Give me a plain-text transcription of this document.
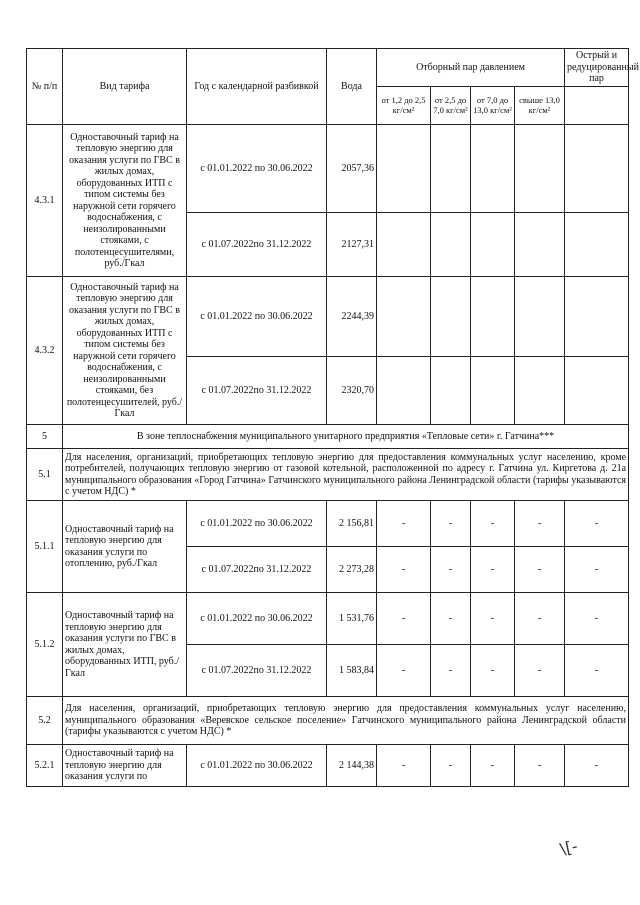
№ п/п	Вид тарифа	Год с календарной разбивкой	Вода	Отборный пар давлением				Острый и редуцированный пар
				от 1,2 до 2,5 кг/см²	от 2,5 до 7,0 кг/см²	от 7,0 до 13,0 кг/см²	свыше 13,0 кг/см²	
4.3.1	Одноставочный тариф на тепловую энергию для оказания услуги по ГВС в жилых домах, оборудованных ИТП с типом системы без наружной сети горячего водоснабжения, с неизолированными стояками, с полотенцесушителями, руб./Гкал	с 01.01.2022 по 30.06.2022	2057,36					
		с 01.07.2022по 31.12.2022	2127,31					
4.3.2	Одноставочный тариф на тепловую энергию для оказания услуги по ГВС в жилых домах, оборудованных ИТП с типом системы без наружной сети горячего водоснабжения, с неизолированными стояками, без полотенцесушителей, руб./Гкал	с 01.01.2022 по 30.06.2022	2244,39					
		с 01.07.2022по 31.12.2022	2320,70					
5	В зоне теплоснабжения муниципального унитарного предприятия «Тепловые сети» г. Гатчина***							
5.1	Для населения, организаций, приобретающих тепловую энергию для предоставления коммунальных услуг населению, кроме потребителей, получающих тепловую энергию от газовой котельной, расположенной по адресу г. Гатчина ул. Киргетова д. 21а муниципального образования «Город Гатчина» Гатчинского муниципального района Ленинградской области (тарифы указываются с учетом НДС) *							
5.1.1	Одноставочный тариф на тепловую энергию для оказания услуги по отоплению, руб./Гкал	с 01.01.2022 по 30.06.2022	2 156,81	-	-	-	-	-
		с 01.07.2022по 31.12.2022	2 273,28	-	-	-	-	-
5.1.2	Одноставочный тариф на тепловую энергию для оказания услуги по ГВС в жилых домах, оборудованных ИТП, руб./Гкал	с 01.01.2022 по 30.06.2022	1 531,76	-	-	-	-	-
		с 01.07.2022по 31.12.2022	1 583,84	-	-	-	-	-
5.2	Для населения, организаций, приобретающих тепловую энергию для предоставления коммунальных услуг населению, муниципального образования «Веревское сельское поселение» Гатчинского муниципального района Ленинградской области (тарифы указываются с учетом НДС) *							
5.2.1	Одноставочный тариф на тепловую энергию для оказания услуги по	с 01.01.2022 по 30.06.2022	2 144,38	-	-	-	-	-
\[-
